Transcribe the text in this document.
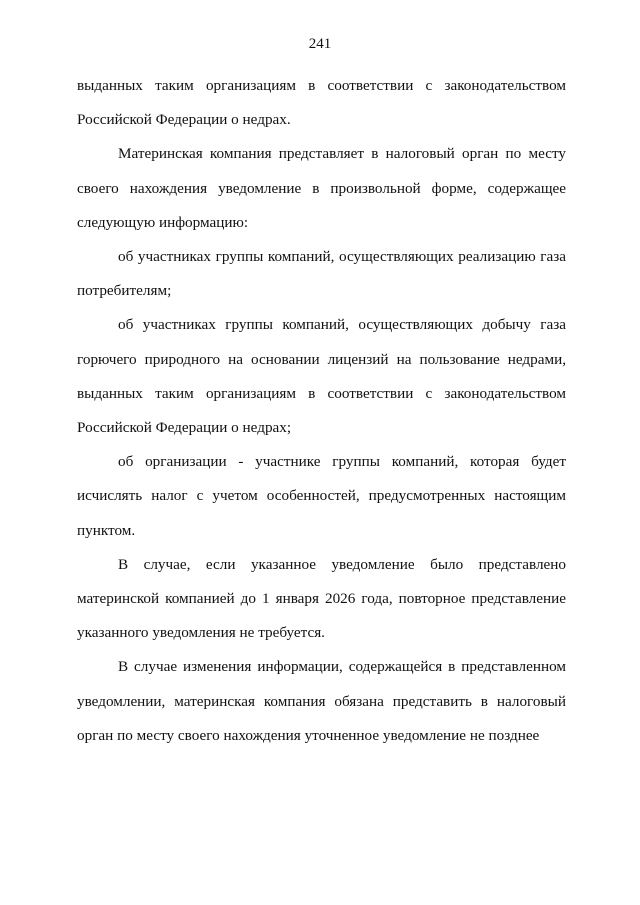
241

выданных таким организациям в соответствии с законодательством Российской Федерации о недрах.

Материнская компания представляет в налоговый орган по месту своего нахождения уведомление в произвольной форме, содержащее следующую информацию:

об участниках группы компаний, осуществляющих реализацию газа потребителям;

об участниках группы компаний, осуществляющих добычу газа горючего природного на основании лицензий на пользование недрами, выданных таким организациям в соответствии с законодательством Российской Федерации о недрах;

об организации - участнике группы компаний, которая будет исчислять налог с учетом особенностей, предусмотренных настоящим пунктом.

В случае, если указанное уведомление было представлено материнской компанией до 1 января 2026 года, повторное представление указанного уведомления не требуется.

В случае изменения информации, содержащейся в представленном уведомлении, материнская компания обязана представить в налоговый орган по месту своего нахождения уточненное уведомление не позднее
